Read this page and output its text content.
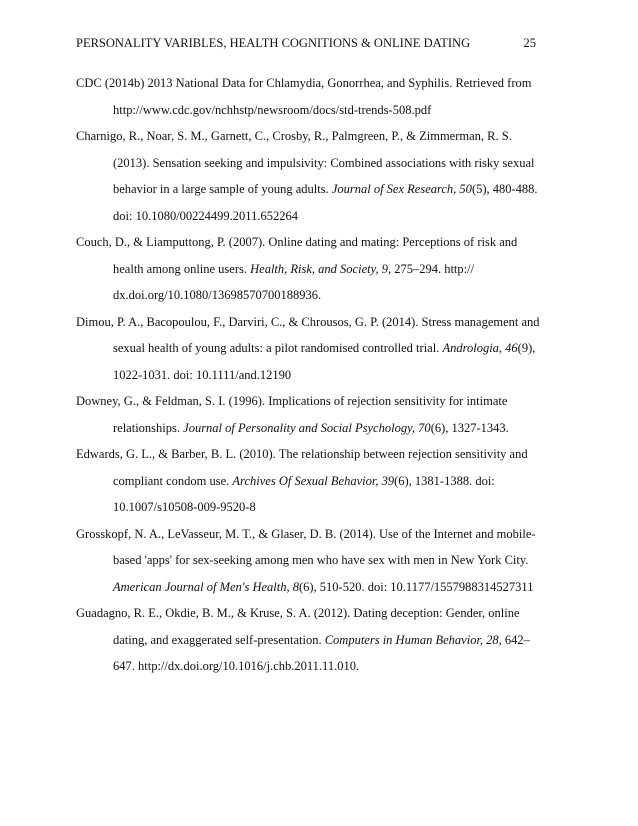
PERSONALITY VARIBLES, HEALTH COGNITIONS & ONLINE DATING	25

CDC (2014b) 2013 National Data for Chlamydia, Gonorrhea, and Syphilis. Retrieved from http://www.cdc.gov/nchhstp/newsroom/docs/std-trends-508.pdf

Charnigo, R., Noar, S. M., Garnett, C., Crosby, R., Palmgreen, P., & Zimmerman, R. S. (2013). Sensation seeking and impulsivity: Combined associations with risky sexual behavior in a large sample of young adults. Journal of Sex Research, 50(5), 480-488. doi: 10.1080/00224499.2011.652264

Couch, D., & Liamputtong, P. (2007). Online dating and mating: Perceptions of risk and health among online users. Health, Risk, and Society, 9, 275–294. http:// dx.doi.org/10.1080/13698570700188936.

Dimou, P. A., Bacopoulou, F., Darviri, C., & Chrousos, G. P. (2014). Stress management and sexual health of young adults: a pilot randomised controlled trial. Andrologia, 46(9), 1022-1031. doi: 10.1111/and.12190

Downey, G., & Feldman, S. I. (1996). Implications of rejection sensitivity for intimate relationships. Journal of Personality and Social Psychology, 70(6), 1327-1343.

Edwards, G. L., & Barber, B. L. (2010). The relationship between rejection sensitivity and compliant condom use. Archives Of Sexual Behavior, 39(6), 1381-1388. doi: 10.1007/s10508-009-9520-8

Grosskopf, N. A., LeVasseur, M. T., & Glaser, D. B. (2014). Use of the Internet and mobile-based 'apps' for sex-seeking among men who have sex with men in New York City. American Journal of Men's Health, 8(6), 510-520. doi: 10.1177/1557988314527311

Guadagno, R. E., Okdie, B. M., & Kruse, S. A. (2012). Dating deception: Gender, online dating, and exaggerated self-presentation. Computers in Human Behavior, 28, 642–647. http://dx.doi.org/10.1016/j.chb.2011.11.010.
